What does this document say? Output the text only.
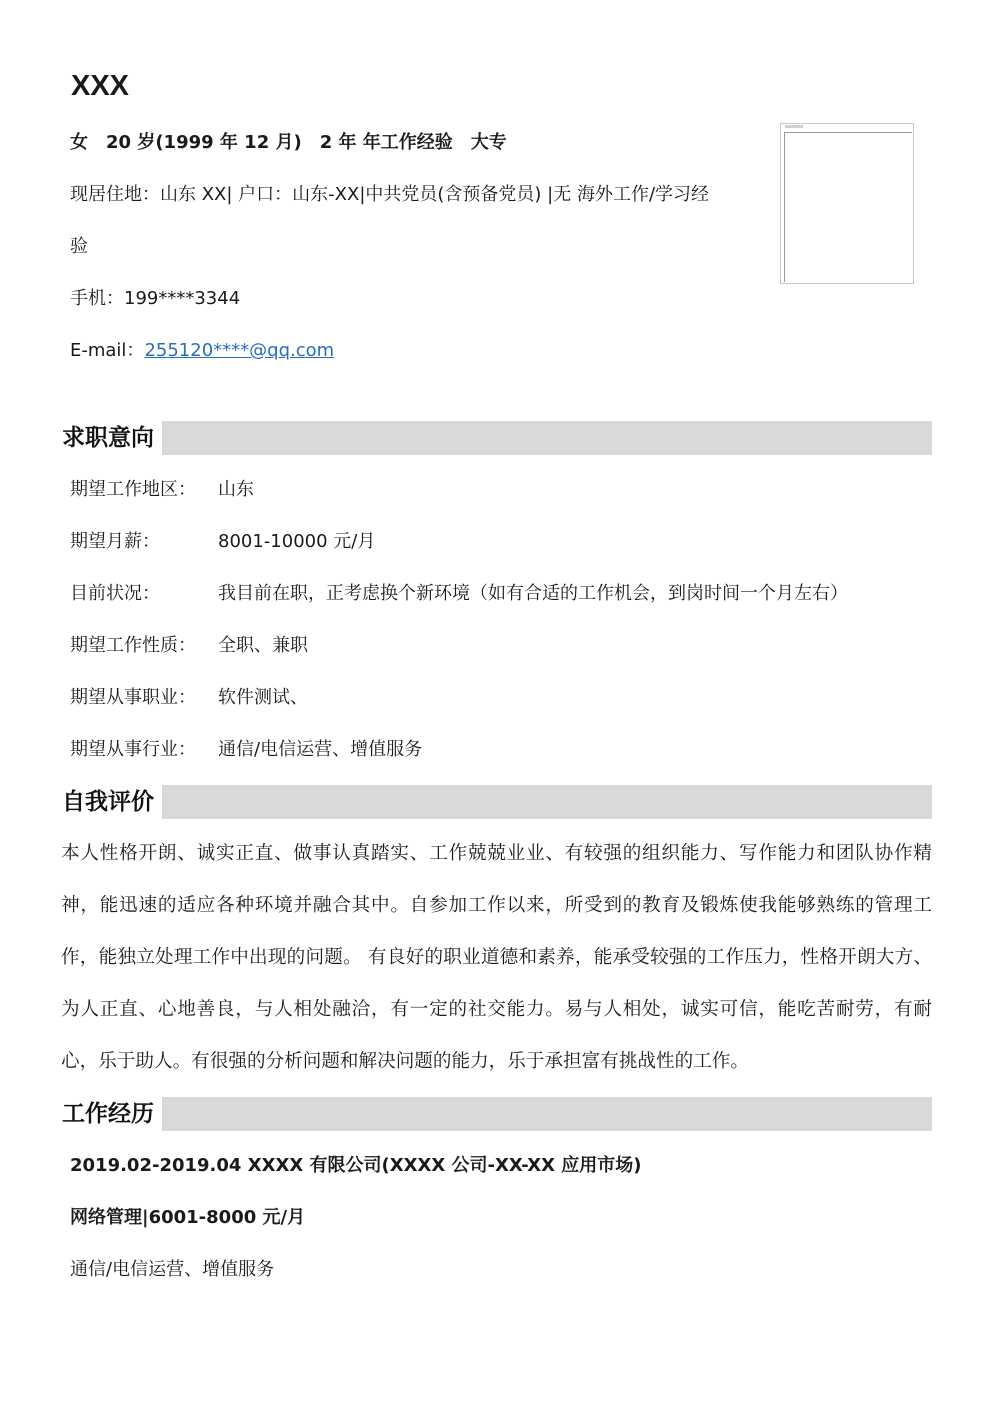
XXX
女　20 岁(1999 年 12 月)　2 年 年工作经验　大专
现居住地：山东 XX| 户口：山东-XX|中共党员(含预备党员) |无 海外工作/学习经
验
手机：199****3344
E-mail：255120****@qq.com
求职意向
期望工作地区： 山东
期望月薪：	8001-10000 元/月
目前状况：	我目前在职，正考虑换个新环境（如有合适的工作机会，到岗时间一个月左右）
期望工作性质： 全职、兼职
期望从事职业： 软件测试、
期望从事行业： 通信/电信运营、增值服务
自我评价
本人性格开朗、诚实正直、做事认真踏实、工作兢兢业业、有较强的组织能力、写作能力和团队协作精神，能迅速的适应各种环境并融合其中。自参加工作以来，所受到的教育及锻炼使我能够熟练的管理工作，能独立处理工作中出现的问题。 有良好的职业道德和素养，能承受较强的工作压力，性格开朗大方、为人正直、心地善良，与人相处融洽，有一定的社交能力。易与人相处，诚实可信，能吃苦耐劳，有耐心，乐于助人。有很强的分析问题和解决问题的能力，乐于承担富有挑战性的工作。
工作经历
2019.02-2019.04 XXXX 有限公司(XXXX 公司-XX-XX 应用市场)
网络管理|6001-8000 元/月
通信/电信运营、增值服务
